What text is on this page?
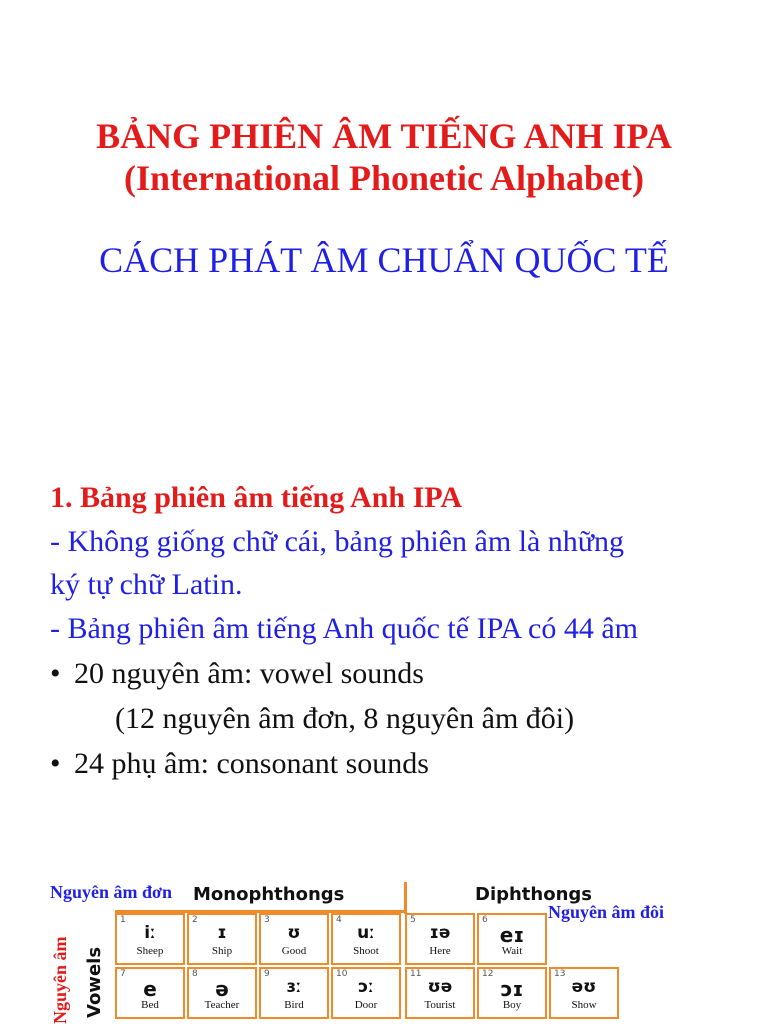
BẢNG PHIÊN ÂM TIẾNG ANH IPA
(International Phonetic Alphabet)
CÁCH PHÁT ÂM CHUẨN QUỐC TẾ
1. Bảng phiên âm tiếng Anh IPA
- Không giống chữ cái, bảng phiên âm là những
ký tự chữ Latin.
- Bảng phiên âm tiếng Anh quốc tế IPA có 44 âm
• 20 nguyên âm: vowel sounds
(12 nguyên âm đơn, 8 nguyên âm đôi)
• 24 phụ âm: consonant sounds
Nguyên âm đơn Monophthongs	Diphthongs
Nguyên âm đôi
Nguyên âm Vowels
1
iː
Sheep
2
ɪ
Ship
3
ʊ
Good
4
uː
Shoot
5
ɪə
Here
6
eɪ
Wait
7
e
Bed
8
ə
Teacher
9
ɜː
Bird
10
ɔː
Door
11
ʊə
Tourist
12
ɔɪ
Boy
13
əʊ
Show
